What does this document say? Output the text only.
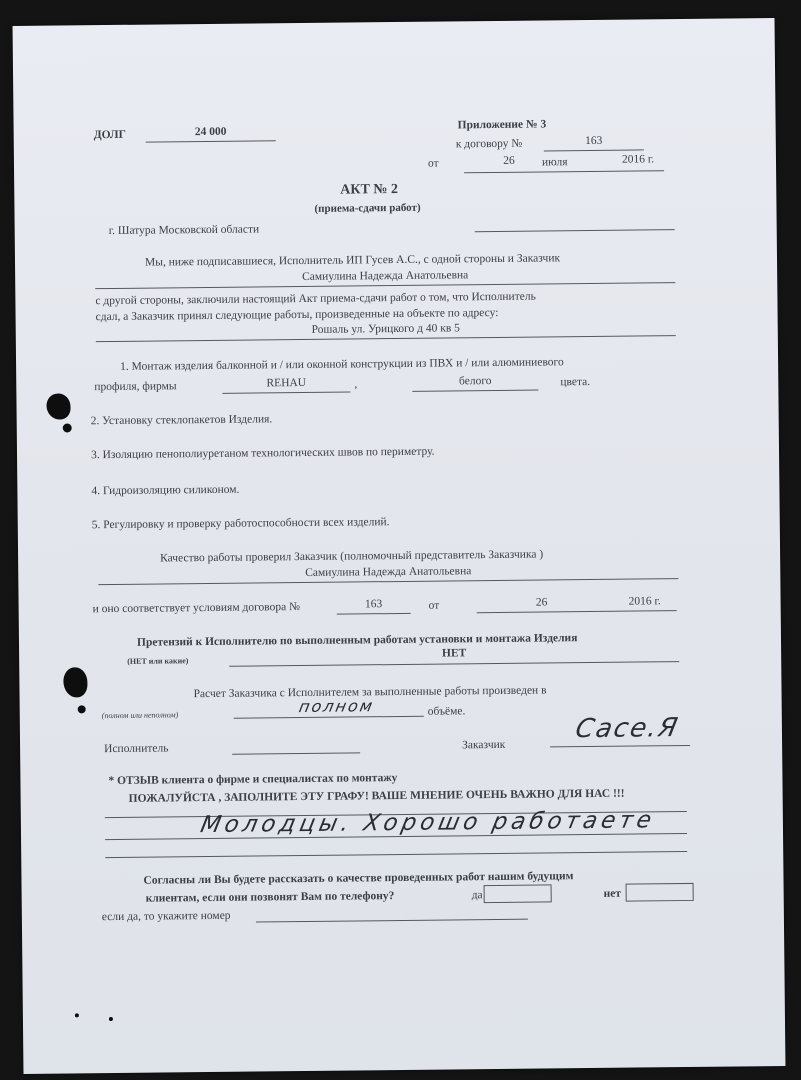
ДОЛГ	24 000
Приложение № 3
к договору №	163
от	26	июля	2016 г.
АКТ № 2
(приема-сдачи работ)
г. Шатура Московской области
Мы, ниже подписавшиеся, Исполнитель ИП Гусев А.С., с одной стороны и Заказчик
Самиулина Надежда Анатольевна
с другой стороны, заключили настоящий Акт приема-сдачи работ о том, что Исполнитель
сдал, а Заказчик принял следующие работы, произведенные на объекте по адресу:
Рошаль ул. Урицкого д 40 кв 5
1. Монтаж изделия балконной и / или оконной конструкции из ПВХ и / или алюминиевого
профиля, фирмы	REHAU	,	белого	цвета.
2. Установку стеклопакетов Изделия.
3. Изоляцию пенополиуретаном технологических швов по периметру.
4. Гидроизоляцию силиконом.
5. Регулировку и проверку работоспособности всех изделий.
Качество работы проверил Заказчик (полномочный представитель Заказчика )
Самиулина Надежда Анатольевна
и оно соответствует условиям договора №	163	от	26	2016 г.
Претензий к Исполнителю по выполненным работам установки и монтажа Изделия
(НЕТ или какие)
НЕТ
Расчет Заказчика с Исполнителем за выполненные работы произведен в
(полном или неполном)	полном	объёме.
Исполнитель	Заказчик
Сасе.Я
* ОТЗЫВ клиента о фирме и специалистах по монтажу
ПОЖАЛУЙСТА , ЗАПОЛНИТЕ ЭТУ ГРАФУ! ВАШЕ МНЕНИЕ ОЧЕНЬ ВАЖНО ДЛЯ НАС !!!
Молодцы. Хорошо работаете
Согласны ли Вы будете рассказать о качестве проведенных работ нашим будущим
клиентам, если они позвонят Вам по телефону?	да	нет
если да, то укажите номер
